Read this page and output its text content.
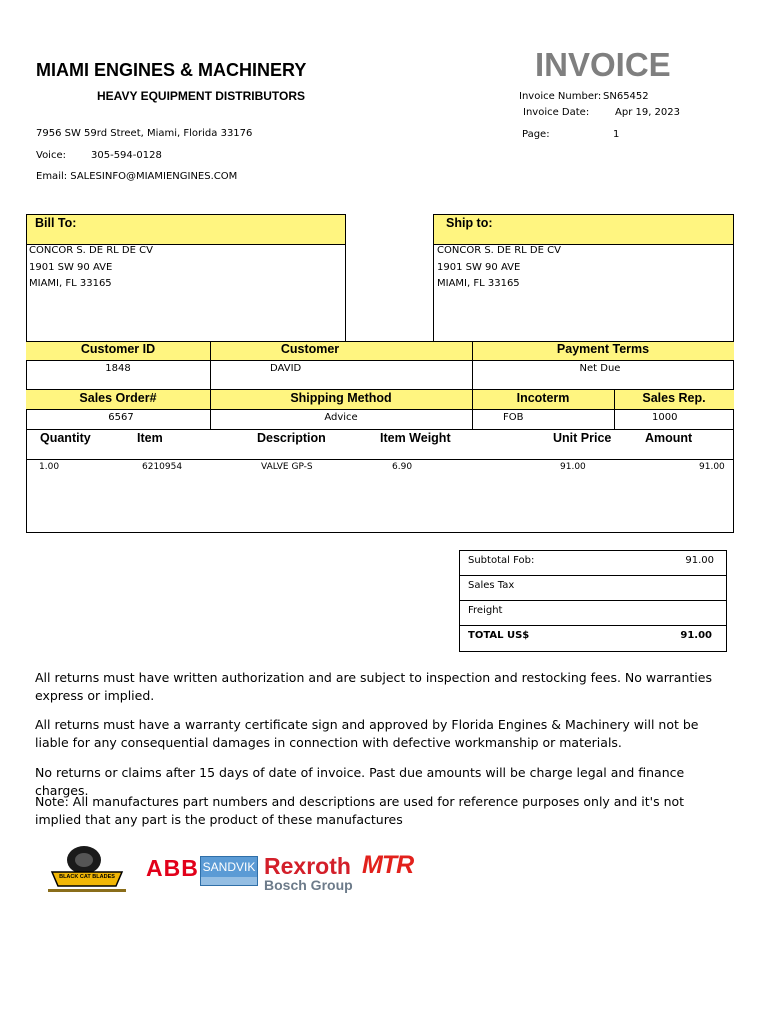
MIAMI ENGINES & MACHINERY
HEAVY EQUIPMENT DISTRIBUTORS
7956 SW 59rd Street, Miami, Florida 33176
Voice:	305-594-0128
Email: SALESINFO@MIAMIENGINES.COM
INVOICE
Invoice Number: SN65452
Invoice Date:	Apr 19, 2023
Page:	1
Bill To:
CONCOR S. DE RL DE CV
1901 SW 90 AVE
MIAMI, FL 33165
Ship to:
CONCOR S. DE RL DE CV
1901 SW 90 AVE
MIAMI, FL 33165
Customer ID	Customer	Payment Terms
1848	DAVID	Net Due
Sales Order#	Shipping Method	Incoterm	Sales Rep.
6567	Advice	FOB	1000
Quantity	Item	Description	Item Weight	Unit Price	Amount
1.00	6210954	VALVE GP-S	6.90	91.00	91.00
Subtotal Fob:	91.00
Sales Tax
Freight
TOTAL US$	91.00
All returns must have written authorization and are subject to inspection and restocking fees. No warranties express or implied.
All returns must have a warranty certificate sign and approved by Florida Engines & Machinery will not be liable for any consequential damages in connection with defective workmanship or materials.
No returns or claims after 15 days of date of invoice. Past due amounts will be charge legal and finance charges.
Note: All manufactures part numbers and descriptions are used for reference purposes only and it's not implied that any part is the product of these manufactures
BLACK CAT BLADES ABB SANDVIK Rexroth
Bosch Group
MTR
